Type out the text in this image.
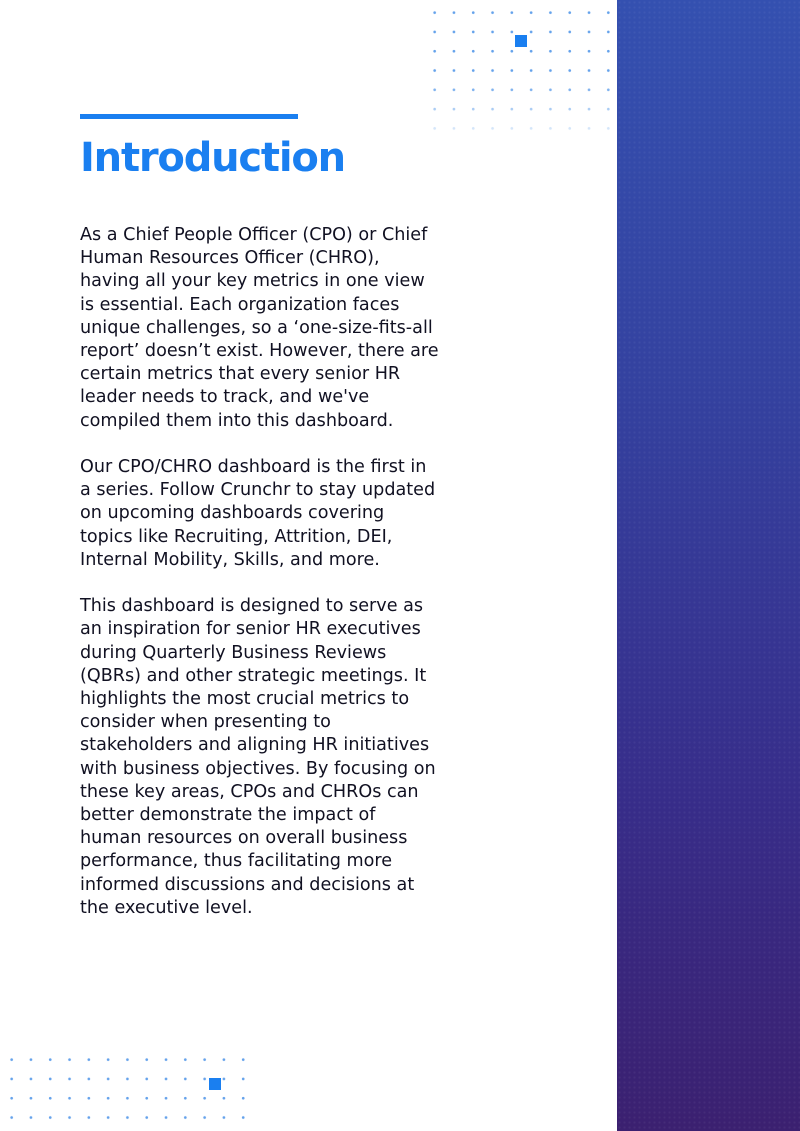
Introduction

As a Chief People Officer (CPO) or Chief
Human Resources Officer (CHRO),
having all your key metrics in one view
is essential. Each organization faces
unique challenges, so a ‘one-size-fits-all
report’ doesn’t exist. However, there are
certain metrics that every senior HR
leader needs to track, and we've
compiled them into this dashboard.

Our CPO/CHRO dashboard is the first in
a series. Follow Crunchr to stay updated
on upcoming dashboards covering
topics like Recruiting, Attrition, DEI,
Internal Mobility, Skills, and more.

This dashboard is designed to serve as
an inspiration for senior HR executives
during Quarterly Business Reviews
(QBRs) and other strategic meetings. It
highlights the most crucial metrics to
consider when presenting to
stakeholders and aligning HR initiatives
with business objectives. By focusing on
these key areas, CPOs and CHROs can
better demonstrate the impact of
human resources on overall business
performance, thus facilitating more
informed discussions and decisions at
the executive level.
